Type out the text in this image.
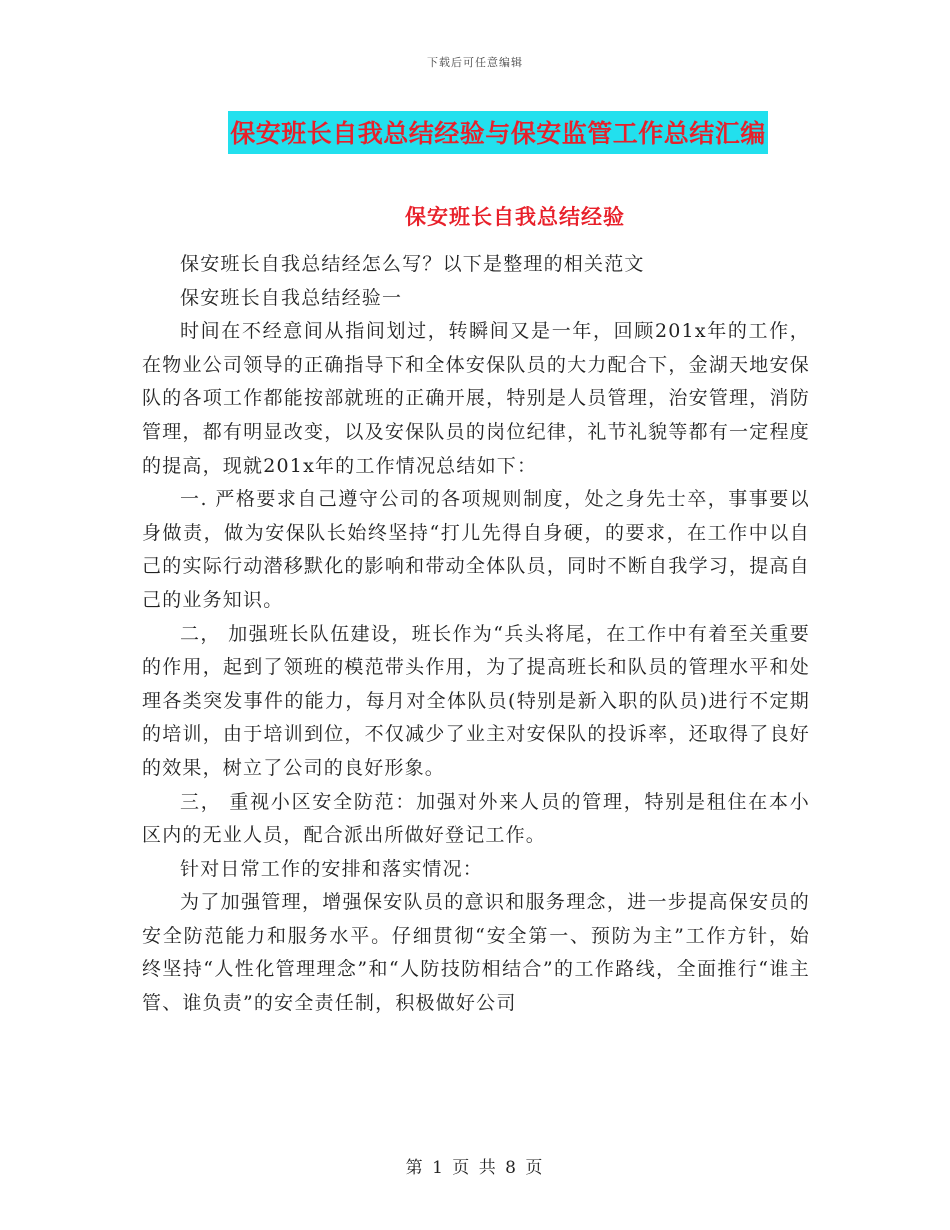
下载后可任意编辑
保安班长自我总结经验与保安监管工作总结汇编
保安班长自我总结经验

保安班长自我总结经怎么写？以下是整理的相关范文

保安班长自我总结经验一

时间在不经意间从指间划过，转瞬间又是一年，回顾201x年的工作，在物业公司领导的正确指导下和全体安保队员的大力配合下，金湖天地安保队的各项工作都能按部就班的正确开展，特别是人员管理，治安管理，消防管理，都有明显改变，以及安保队员的岗位纪律，礼节礼貌等都有一定程度的提高，现就201x年的工作情况总结如下：

一. 严格要求自己遵守公司的各项规则制度，处之身先士卒，事事要以身做责，做为安保队长始终坚持“打儿先得自身硬，的要求，在工作中以自己的实际行动潜移默化的影响和带动全体队员，同时不断自我学习，提高自己的业务知识。

二， 加强班长队伍建设，班长作为“兵头将尾，在工作中有着至关重要的作用，起到了领班的模范带头作用，为了提高班长和队员的管理水平和处理各类突发事件的能力，每月对全体队员(特别是新入职的队员)进行不定期的培训，由于培训到位，不仅减少了业主对安保队的投诉率，还取得了良好的效果，树立了公司的良好形象。

三， 重视小区安全防范：加强对外来人员的管理，特别是租住在本小区内的无业人员，配合派出所做好登记工作。

针对日常工作的安排和落实情况：

为了加强管理，增强保安队员的意识和服务理念，进一步提高保安员的安全防范能力和服务水平。仔细贯彻“安全第一、预防为主”工作方针，始终坚持“人性化管理理念”和“人防技防相结合”的工作路线，全面推行“谁主管、谁负责”的安全责任制，积极做好公司

第 1 页 共 8 页
